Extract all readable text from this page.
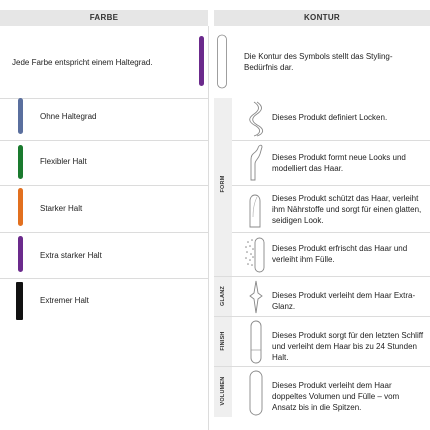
FARBE	KONTUR
Jede Farbe entspricht einem Haltegrad.
Die Kontur des Symbols stellt das Styling-Bedürfnis dar.
Ohne Haltegrad
Flexibler Halt
Starker Halt
Extra starker Halt
Extremer Halt
FORM
GLANZ
FINISH
VOLUMEN
Dieses Produkt definiert Locken.
Dieses Produkt formt neue Looks und modelliert das Haar.
Dieses Produkt schützt das Haar, verleiht ihm Nährstoffe und sorgt für einen glatten, seidigen Look.
Dieses Produkt erfrischt das Haar und verleiht ihm Fülle.
Dieses Produkt verleiht dem Haar Extra-Glanz.
Dieses Produkt sorgt für den letzten Schliff und verleiht dem Haar bis zu 24 Stunden Halt.
Dieses Produkt verleiht dem Haar doppeltes Volumen und Fülle – vom Ansatz bis in die Spitzen.
